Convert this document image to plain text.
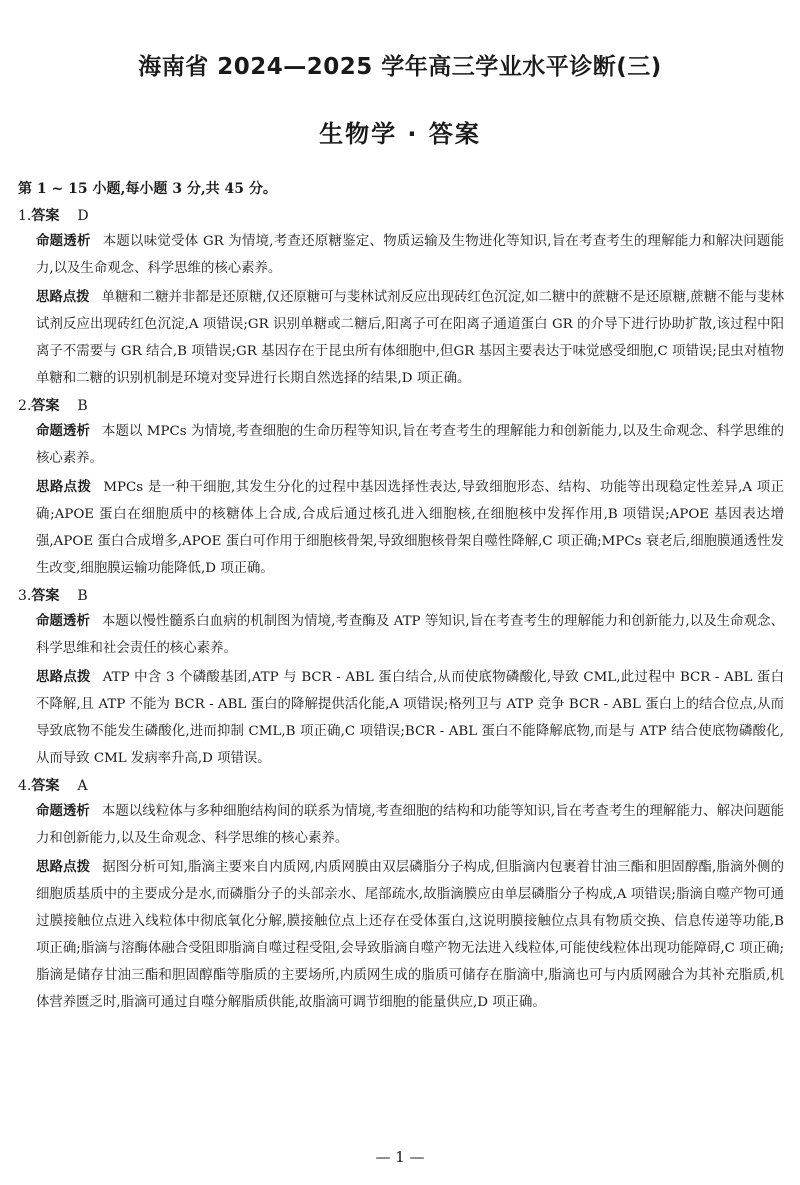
海南省 2024—2025 学年高三学业水平诊断(三)
生物学 · 答案
第 1 ~ 15 小题,每小题 3 分,共 45 分。
1.答案 D
命题透析 本题以味觉受体 GR 为情境,考查还原糖鉴定、物质运输及生物进化等知识,旨在考查考生的理解能力和解决问题能力,以及生命观念、科学思维的核心素养。
思路点拨 单糖和二糖并非都是还原糖,仅还原糖可与斐林试剂反应出现砖红色沉淀,如二糖中的蔗糖不是还原糖,蔗糖不能与斐林试剂反应出现砖红色沉淀,A 项错误;GR 识别单糖或二糖后,阳离子可在阳离子通道蛋白 GR 的介导下进行协助扩散,该过程中阳离子不需要与 GR 结合,B 项错误;GR 基因存在于昆虫所有体细胞中,但GR 基因主要表达于味觉感受细胞,C 项错误;昆虫对植物单糖和二糖的识别机制是环境对变异进行长期自然选择的结果,D 项正确。
2.答案 B
命题透析 本题以 MPCs 为情境,考查细胞的生命历程等知识,旨在考查考生的理解能力和创新能力,以及生命观念、科学思维的核心素养。
思路点拨 MPCs 是一种干细胞,其发生分化的过程中基因选择性表达,导致细胞形态、结构、功能等出现稳定性差异,A 项正确;APOE 蛋白在细胞质中的核糖体上合成,合成后通过核孔进入细胞核,在细胞核中发挥作用,B 项错误;APOE 基因表达增强,APOE 蛋白合成增多,APOE 蛋白可作用于细胞核骨架,导致细胞核骨架自噬性降解,C 项正确;MPCs 衰老后,细胞膜通透性发生改变,细胞膜运输功能降低,D 项正确。
3.答案 B
命题透析 本题以慢性髓系白血病的机制图为情境,考查酶及 ATP 等知识,旨在考查考生的理解能力和创新能力,以及生命观念、科学思维和社会责任的核心素养。
思路点拨 ATP 中含 3 个磷酸基团,ATP 与 BCR - ABL 蛋白结合,从而使底物磷酸化,导致 CML,此过程中 BCR - ABL 蛋白不降解,且 ATP 不能为 BCR - ABL 蛋白的降解提供活化能,A 项错误;格列卫与 ATP 竞争 BCR - ABL 蛋白上的结合位点,从而导致底物不能发生磷酸化,进而抑制 CML,B 项正确,C 项错误;BCR - ABL 蛋白不能降解底物,而是与 ATP 结合使底物磷酸化,从而导致 CML 发病率升高,D 项错误。
4.答案 A
命题透析 本题以线粒体与多种细胞结构间的联系为情境,考查细胞的结构和功能等知识,旨在考查考生的理解能力、解决问题能力和创新能力,以及生命观念、科学思维的核心素养。
思路点拨 据图分析可知,脂滴主要来自内质网,内质网膜由双层磷脂分子构成,但脂滴内包裹着甘油三酯和胆固醇酯,脂滴外侧的细胞质基质中的主要成分是水,而磷脂分子的头部亲水、尾部疏水,故脂滴膜应由单层磷脂分子构成,A 项错误;脂滴自噬产物可通过膜接触位点进入线粒体中彻底氧化分解,膜接触位点上还存在受体蛋白,这说明膜接触位点具有物质交换、信息传递等功能,B 项正确;脂滴与溶酶体融合受阻即脂滴自噬过程受阻,会导致脂滴自噬产物无法进入线粒体,可能使线粒体出现功能障碍,C 项正确;脂滴是储存甘油三酯和胆固醇酯等脂质的主要场所,内质网生成的脂质可储存在脂滴中,脂滴也可与内质网融合为其补充脂质,机体营养匮乏时,脂滴可通过自噬分解脂质供能,故脂滴可调节细胞的能量供应,D 项正确。
— 1 —
